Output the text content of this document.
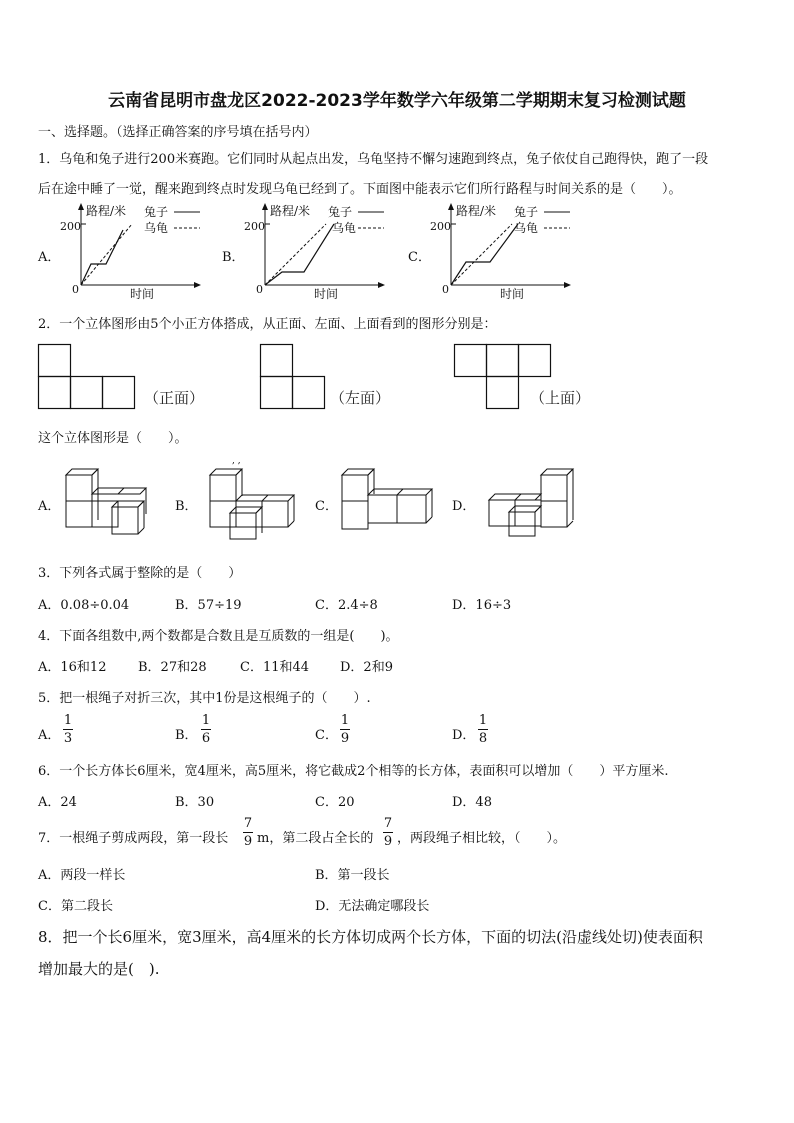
云南省昆明市盘龙区2022-2023学年数学六年级第二学期期末复习检测试题
一、选择题。（选择正确答案的序号填在括号内）
1．乌龟和兔子进行200米赛跑。它们同时从起点出发，乌龟坚持不懈匀速跑到终点，兔子依仗自己跑得快，跑了一段
后在途中睡了一觉，醒来跑到终点时发现乌龟已经到了。下面图中能表示它们所行路程与时间关系的是（　　）。
A．	B．	C．
路程/米
200
0	时间
兔子
乌龟
路程/米
200
0	时间
兔子
乌龟
路程/米
200
0	时间
兔子
乌龟
2．一个立体图形由5个小正方体搭成，从正面、左面、上面看到的图形分别是：
（正面）	（左面）	（上面）
这个立体图形是（　　）。
A．	B．	C．	D．
, ,
3．下列各式属于整除的是（　　）
A．0.08÷0.04	B．57÷19	C．2.4÷8	D．16÷3
4．下面各组数中,两个数都是合数且是互质数的一组是(　　)。
A．16和12 B．27和28	C．11和44 D．2和9
5．把一根绳子对折三次，其中1份是这根绳子的（　　）.
A．
1
3	B．
1
6	C．
1
9	D．
1
8
6．一个长方体长6厘米，宽4厘米，高5厘米，将它截成2个相等的长方体，表面积可以增加（　　）平方厘米.
A．24	B．30	C．20	D．48
7．一根绳子剪成两段，第一段长
7
9 m，第二段占全长的
7
9 ，两段绳子相比较，（　　）。
A．两段一样长	B．第一段长
C．第二段长	D．无法确定哪段长
8．把一个长6厘米，宽3厘米，高4厘米的长方体切成两个长方体，下面的切法(沿虚线处切)使表面积
增加最大的是(　).
